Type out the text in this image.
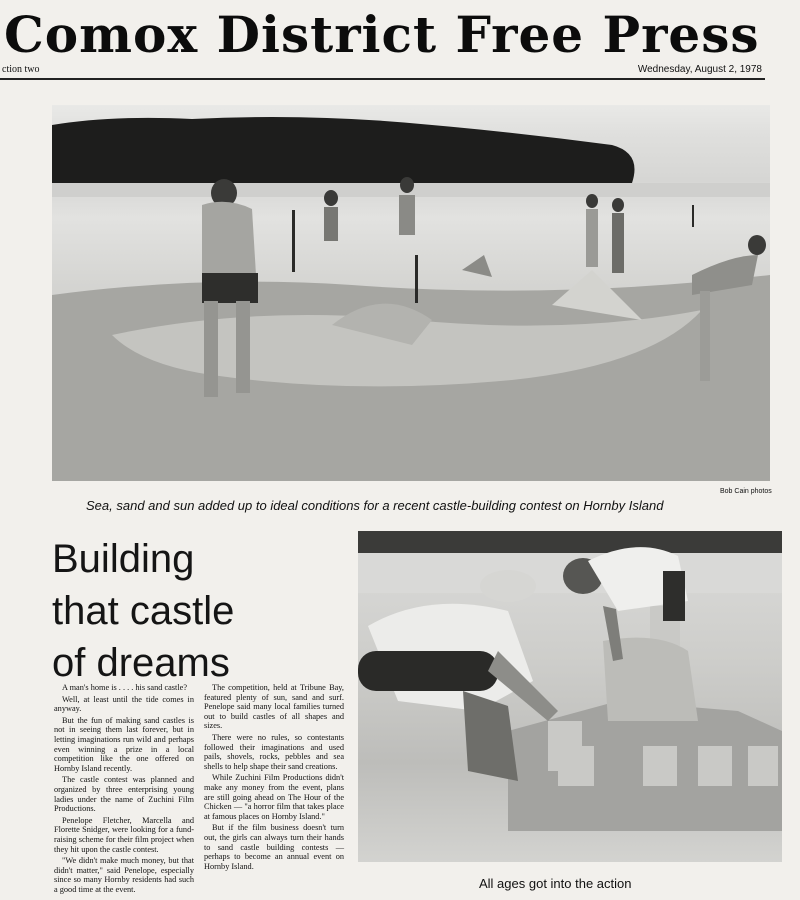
Comox District Free Press
ction two	Wednesday, August 2, 1978
Bob Cain photos
Sea, sand and sun added up to ideal conditions for a recent castle-building contest on Hornby Island
Building
that castle
of dreams

A man's home is . . . . his sand castle?

Well, at least until the tide comes in anyway.

But the fun of making sand castles is not in seeing them last forever, but in letting imaginations run wild and perhaps even winning a prize in a local competition like the one offered on Hornby Island recently.

The castle contest was planned and organized by three enterprising young ladies under the name of Zuchini Film Productions.

Penelope Fletcher, Marcella and Florette Snidger, were looking for a fund-raising scheme for their film project when they hit upon the castle contest.

"We didn't make much money, but that didn't matter," said Penelope, especially since so many Hornby residents had such a good time at the event.

The competition, held at Tribune Bay, featured plenty of sun, sand and surf. Penelope said many local families turned out to build castles of all shapes and sizes.

There were no rules, so contestants followed their imaginations and used pails, shovels, rocks, pebbles and sea shells to help shape their sand creations.

While Zuchini Film Productions didn't make any money from the event, plans are still going ahead on The Hour of the Chicken — "a horror film that takes place at famous places on Hornby Island."

But if the film business doesn't turn out, the girls can always turn their hands to sand castle building contests — perhaps to become an annual event on Hornby Island.

All ages got into the action
